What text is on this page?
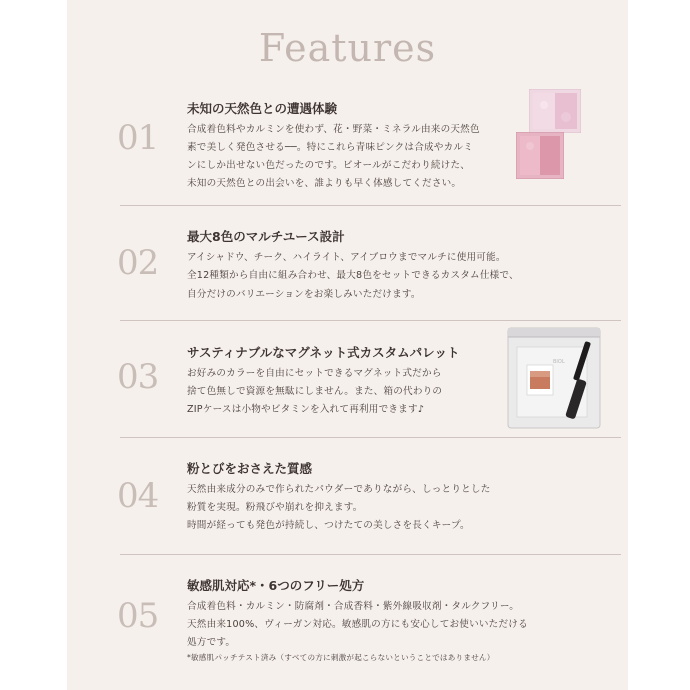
Features
01
未知の天然色との遭遇体験
合成着色料やカルミンを使わず、花・野菜・ミネラル由来の天然色
素で美しく発色させる──。特にこれら青味ピンクは合成やカルミ
ンにしか出せない色だったのです。ビオールがこだわり続けた、
未知の天然色との出会いを、誰よりも早く体感してください。
02
最大8色のマルチユース設計
アイシャドウ、チーク、ハイライト、アイブロウまでマルチに使用可能。
全12種類から自由に組み合わせ、最大8色をセットできるカスタム仕様で、
自分だけのバリエーションをお楽しみいただけます。
03
サスティナブルなマグネット式カスタムパレット
お好みのカラーを自由にセットできるマグネット式だから
捨て色無しで資源を無駄にしません。また、箱の代わりの
ZIPケースは小物やビタミンを入れて再利用できます♪
BIOL
04
粉とびをおさえた質感
天然由来成分のみで作られたパウダーでありながら、しっとりとした
粉質を実現。粉飛びや崩れを抑えます。
時間が経っても発色が持続し、つけたての美しさを長くキープ。
05
敏感肌対応*・6つのフリー処方
合成着色料・カルミン・防腐剤・合成香料・紫外線吸収剤・タルクフリー。
天然由来100%、ヴィーガン対応。敏感肌の方にも安心してお使いいただける
処方です。
*敏感肌パッチテスト済み（すべての方に刺激が起こらないということではありません）
